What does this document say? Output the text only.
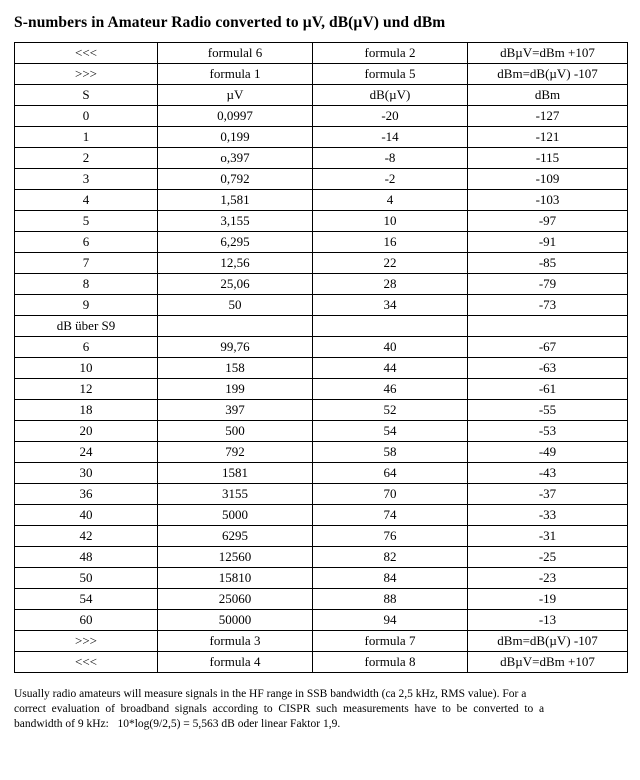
S-numbers in Amateur Radio converted to µV, dB(µV) und dBm
<<<	formulal 6	formula 2	dBµV=dBm +107
>>>	formula 1	formula 5	dBm=dB(µV) -107
S	µV	dB(µV)	dBm
0	0,0997	-20	-127
1	0,199	-14	-121
2	o,397	-8	-115
3	0,792	-2	-109
4	1,581	4	-103
5	3,155	10	-97
6	6,295	16	-91
7	12,56	22	-85
8	25,06	28	-79
9	50	34	-73
dB über S9			
6	99,76	40	-67
10	158	44	-63
12	199	46	-61
18	397	52	-55
20	500	54	-53
24	792	58	-49
30	1581	64	-43
36	3155	70	-37
40	5000	74	-33
42	6295	76	-31
48	12560	82	-25
50	15810	84	-23
54	25060	88	-19
60	50000	94	-13
>>>	formula 3	formula 7	dBm=dB(µV) -107
<<<	formula 4	formula 8	dBµV=dBm +107
Usually radio amateurs will measure signals in the HF range in SSB bandwidth (ca 2,5 kHz, RMS value). For a
correct  evaluation  of  broadband  signals  according  to  CISPR  such  measurements  have  to  be  converted  to  a
bandwidth of 9 kHz:   10*log(9/2,5) = 5,563 dB oder linear Faktor 1,9.
